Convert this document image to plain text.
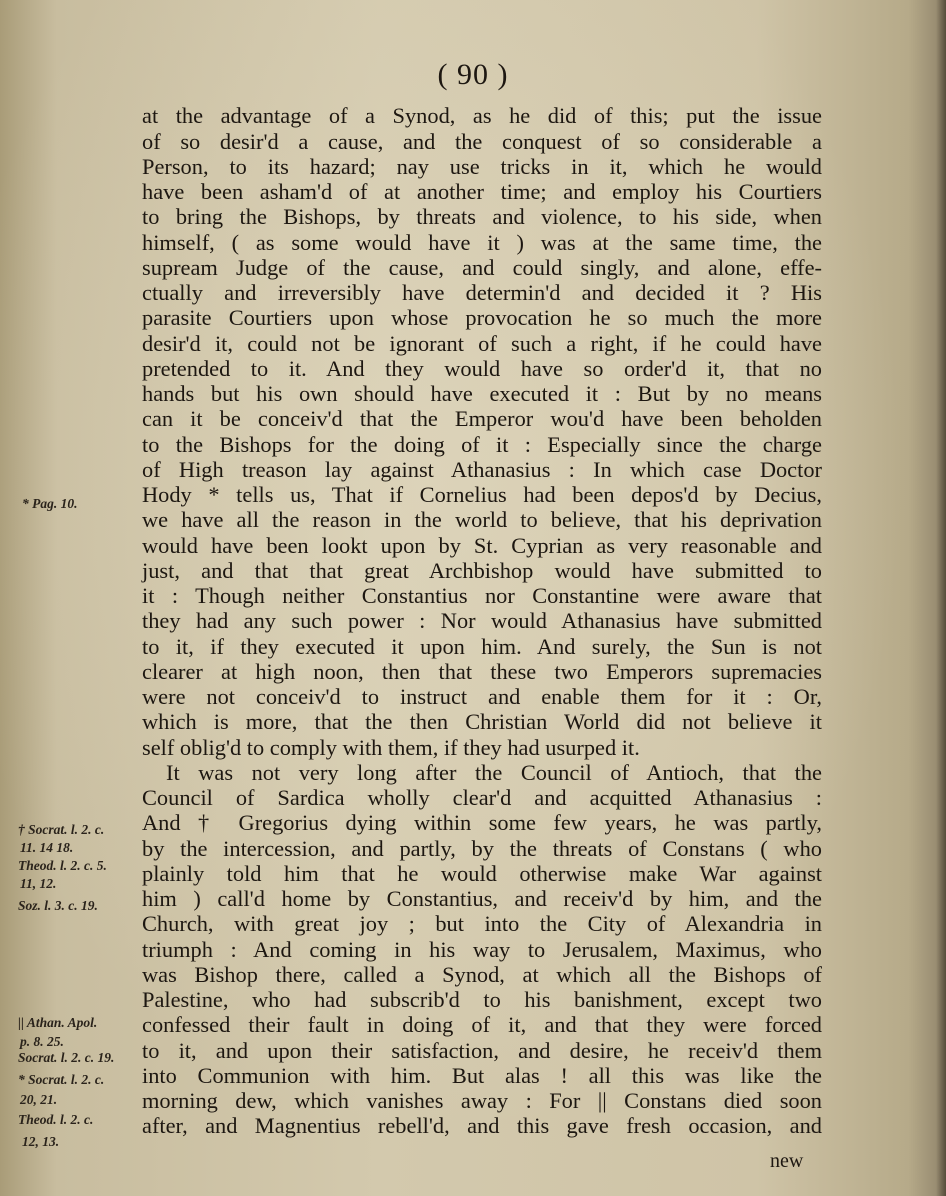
( 90 )
at the advantage of a Synod, as he did of this; put the issue
of so desir'd a cause, and the conquest of so considerable a
Person, to its hazard; nay use tricks in it, which he would
have been asham'd of at another time; and employ his Courtiers
to bring the Bishops, by threats and violence, to his side, when
himself, ( as some would have it ) was at the same time, the
supream Judge of the cause, and could singly, and alone, effe-
ctually and irreversibly have determin'd and decided it ? His
parasite Courtiers upon whose provocation he so much the more
desir'd it, could not be ignorant of such a right, if he could have
pretended to it. And they would have so order'd it, that no
hands but his own should have executed it : But by no means
can it be conceiv'd that the Emperor wou'd have been beholden
to the Bishops for the doing of it : Especially since the charge
of High treason lay against Athanasius : In which case Doctor
Hody * tells us, That if Cornelius had been depos'd by Decius,
we have all the reason in the world to believe, that his deprivation
would have been lookt upon by St. Cyprian as very reasonable and
just, and that that great Archbishop would have submitted to
it : Though neither Constantius nor Constantine were aware that
they had any such power : Nor would Athanasius have submitted
to it, if they executed it upon him. And surely, the Sun is not
clearer at high noon, then that these two Emperors supremacies
were not conceiv'd to instruct and enable them for it : Or,
which is more, that the then Christian World did not believe it
self oblig'd to comply with them, if they had usurped it.
It was not very long after the Council of Antioch, that the
Council of Sardica wholly clear'd and acquitted Athanasius :
And † Gregorius dying within some few years, he was partly,
by the intercession, and partly, by the threats of Constans ( who
plainly told him that he would otherwise make War against
him ) call'd home by Constantius, and receiv'd by him, and the
Church, with great joy ; but into the City of Alexandria in
triumph : And coming in his way to Jerusalem, Maximus, who
was Bishop there, called a Synod, at which all the Bishops of
Palestine, who had subscrib'd to his banishment, except two
confessed their fault in doing of it, and that they were forced
to it, and upon their satisfaction, and desire, he receiv'd them
into Communion with him. But alas ! all this was like the
morning dew, which vanishes away : For || Constans died soon
after, and Magnentius rebell'd, and this gave fresh occasion, and
new
* Pag. 10.
† Socrat. l. 2. c.
11. 14 18.
Theod. l. 2. c. 5.
11, 12.
Soz. l. 3. c. 19.
|| Athan. Apol.
p. 8. 25.
Socrat. l. 2. c. 19.
* Socrat. l. 2. c.
20, 21.
Theod. l. 2. c.
12, 13.
